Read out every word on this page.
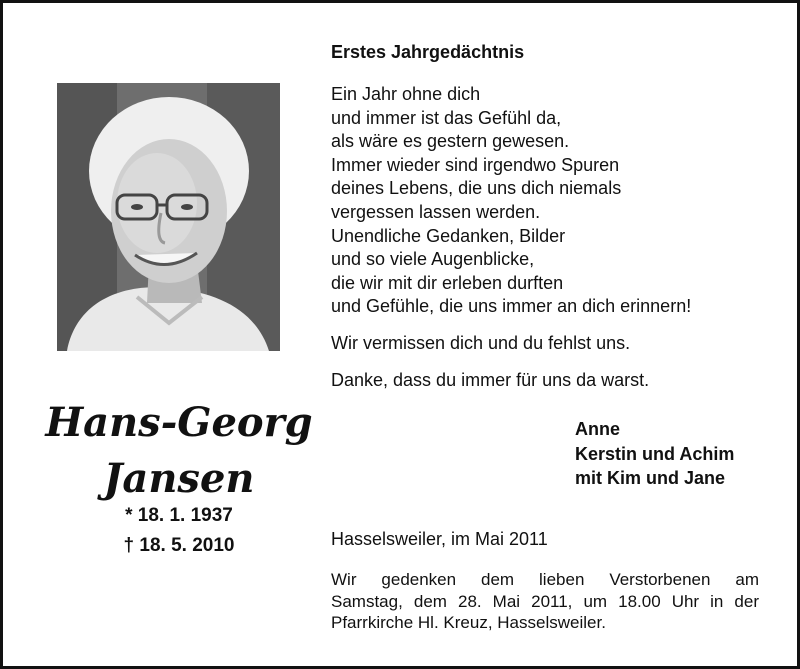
Hans-Georg
Jansen
* 18. 1. 1937
† 18. 5. 2010
Erstes Jahrgedächtnis
Ein Jahr ohne dich
und immer ist das Gefühl da,
als wäre es gestern gewesen.
Immer wieder sind irgendwo Spuren
deines Lebens, die uns dich niemals
vergessen lassen werden.
Unendliche Gedanken, Bilder
und so viele Augenblicke,
die wir mit dir erleben durften
und Gefühle, die uns immer an dich erinnern!
Wir vermissen dich und du fehlst uns.
Danke, dass du immer für uns da warst.
Anne
Kerstin und Achim
mit Kim und Jane
Hasselsweiler, im Mai 2011
Wir gedenken dem lieben Verstorbenen am
Samstag, dem 28. Mai 2011, um 18.00 Uhr in der
Pfarrkirche Hl. Kreuz, Hasselsweiler.
